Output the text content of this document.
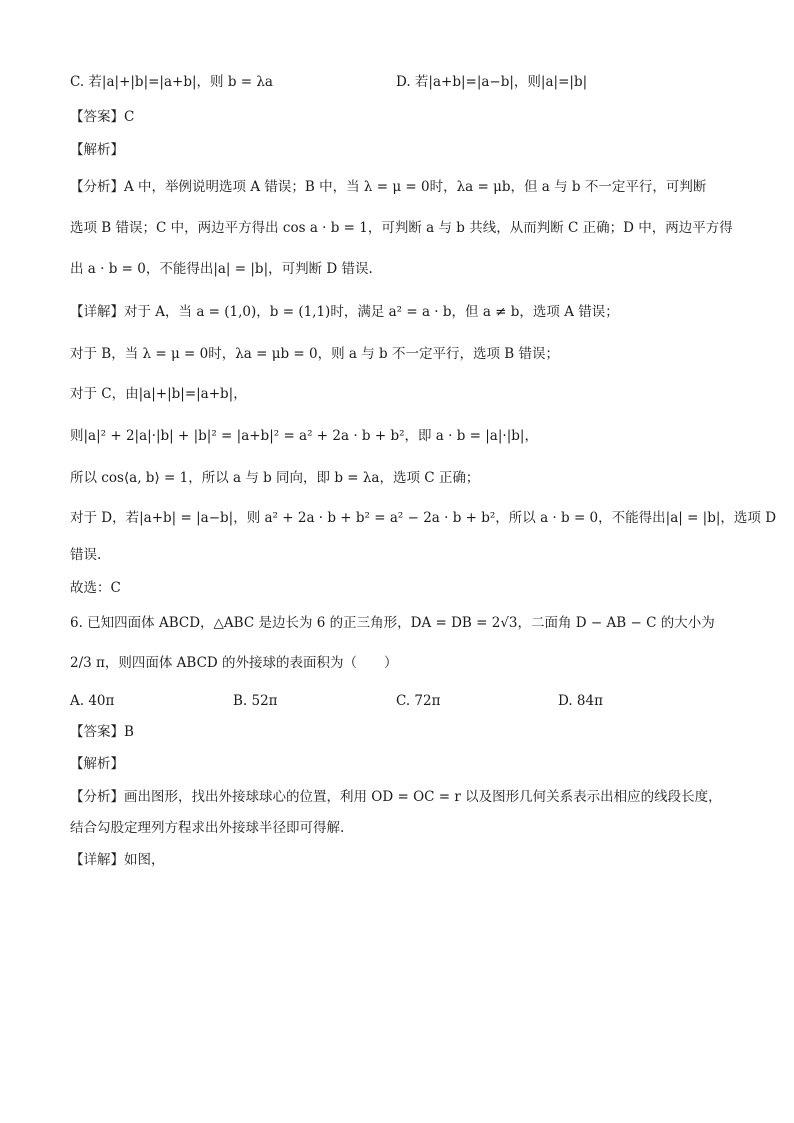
C. 若|a|+|b|=|a+b|，则 b = λa	D. 若|a+b|=|a−b|，则|a|=|b|
【答案】C
【解析】
【分析】A 中，举例说明选项 A 错误；B 中，当 λ = μ = 0时，λa = μb，但 a 与 b 不一定平行，可判断
选项 B 错误；C 中，两边平方得出 cos a · b = 1，可判断 a 与 b 共线，从而判断 C 正确；D 中，两边平方得
出 a · b = 0，不能得出|a| = |b|，可判断 D 错误.
【详解】对于 A，当 a = (1,0)，b = (1,1)时，满足 a² = a · b，但 a ≠ b，选项 A 错误；
对于 B，当 λ = μ = 0时，λa = μb = 0，则 a 与 b 不一定平行，选项 B 错误；
对于 C，由|a|+|b|=|a+b|，
则|a|² + 2|a|·|b| + |b|² = |a+b|² = a² + 2a · b + b²，即 a · b = |a|·|b|，
所以 cos⟨a, b⟩ = 1，所以 a 与 b 同向，即 b = λa，选项 C 正确；
对于 D，若|a+b| = |a−b|，则 a² + 2a · b + b² = a² − 2a · b + b²，所以 a · b = 0，不能得出|a| = |b|，选项 D
错误.
故选：C
6. 已知四面体 ABCD，△ABC 是边长为 6 的正三角形，DA = DB = 2√3，二面角 D − AB − C 的大小为
2/3 π，则四面体 ABCD 的外接球的表面积为（　　）
A. 40π	B. 52π	C. 72π	D. 84π
【答案】B
【解析】
【分析】画出图形，找出外接球球心的位置，利用 OD = OC = r 以及图形几何关系表示出相应的线段长度，
结合勾股定理列方程求出外接球半径即可得解.
【详解】如图，
